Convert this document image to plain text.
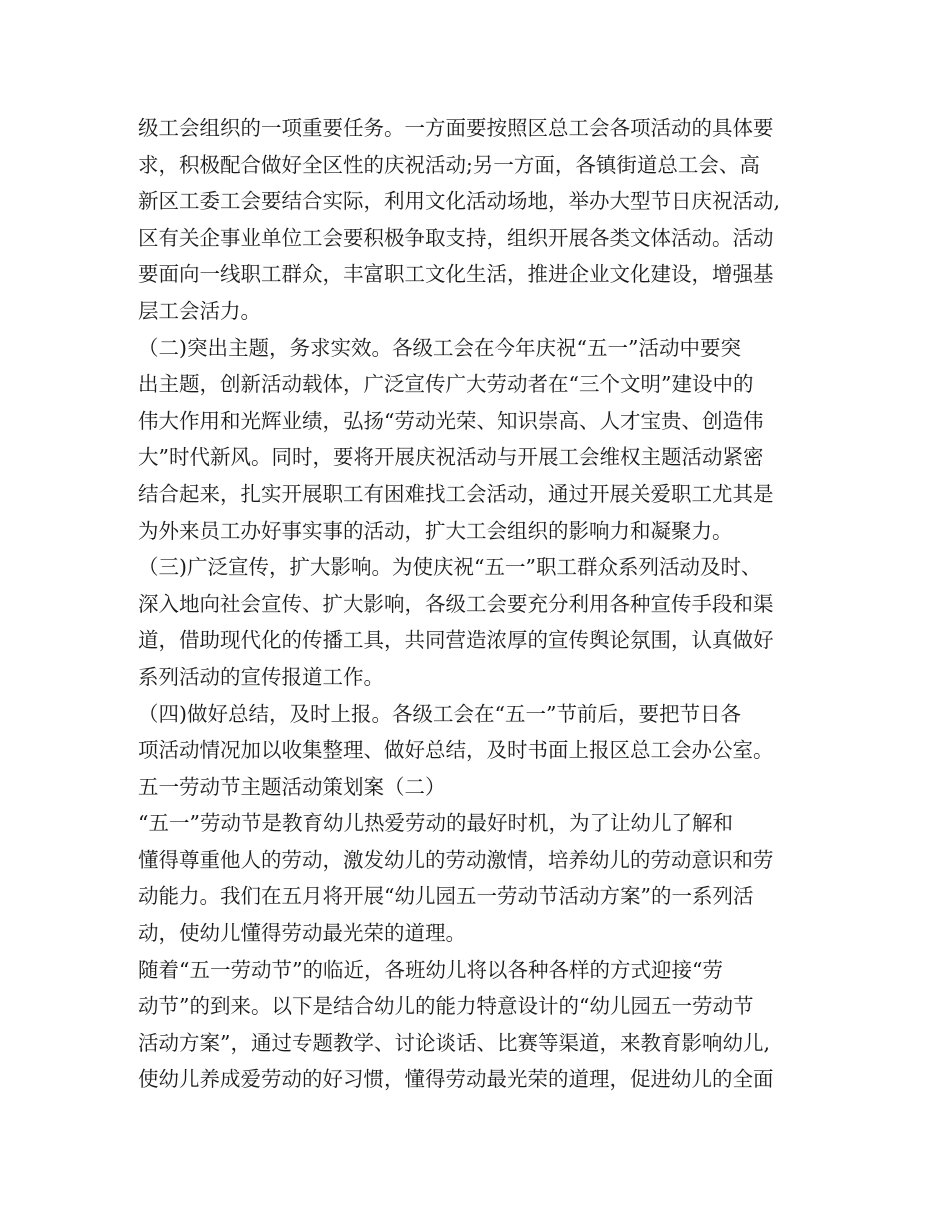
级工会组织的一项重要任务。一方面要按照区总工会各项活动的具体要
求，积极配合做好全区性的庆祝活动;另一方面，各镇街道总工会、高
新区工委工会要结合实际，利用文化活动场地，举办大型节日庆祝活动,
区有关企事业单位工会要积极争取支持，组织开展各类文体活动。活动
要面向一线职工群众，丰富职工文化生活，推进企业文化建设，增强基
层工会活力。
（二)突出主题，务求实效。各级工会在今年庆祝“五一”活动中要突
出主题，创新活动载体，广泛宣传广大劳动者在“三个文明”建设中的
伟大作用和光辉业绩，弘扬“劳动光荣、知识崇高、人才宝贵、创造伟
大”时代新风。同时，要将开展庆祝活动与开展工会维权主题活动紧密
结合起来，扎实开展职工有困难找工会活动，通过开展关爱职工尤其是
为外来员工办好事实事的活动，扩大工会组织的影响力和凝聚力。
（三)广泛宣传，扩大影响。为使庆祝“五一”职工群众系列活动及时、
深入地向社会宣传、扩大影响，各级工会要充分利用各种宣传手段和渠
道，借助现代化的传播工具，共同营造浓厚的宣传舆论氛围，认真做好
系列活动的宣传报道工作。
（四)做好总结，及时上报。各级工会在“五一”节前后，要把节日各
项活动情况加以收集整理、做好总结，及时书面上报区总工会办公室。
五一劳动节主题活动策划案（二）
“五一”劳动节是教育幼儿热爱劳动的最好时机，为了让幼儿了解和
懂得尊重他人的劳动，激发幼儿的劳动激情，培养幼儿的劳动意识和劳
动能力。我们在五月将开展“幼儿园五一劳动节活动方案”的一系列活
动，使幼儿懂得劳动最光荣的道理。
随着“五一劳动节”的临近，各班幼儿将以各种各样的方式迎接“劳
动节”的到来。以下是结合幼儿的能力特意设计的“幼儿园五一劳动节
活动方案”，通过专题教学、讨论谈话、比赛等渠道，来教育影响幼儿,
使幼儿养成爱劳动的好习惯，懂得劳动最光荣的道理，促进幼儿的全面
